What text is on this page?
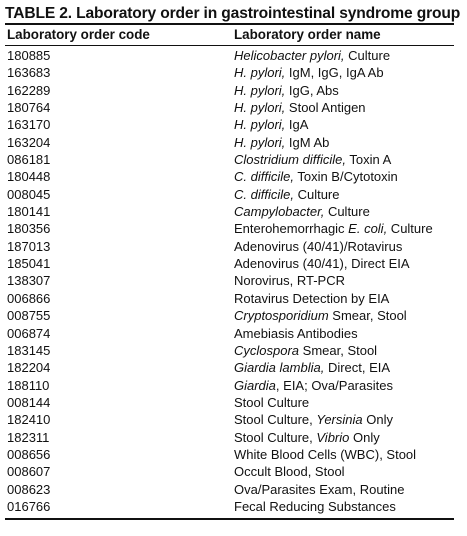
TABLE 2. Laboratory order in gastrointestinal syndrome group
Laboratory order code	Laboratory order name
180885	Helicobacter pylori, Culture
163683	H. pylori, IgM, IgG, IgA Ab
162289	H. pylori, IgG, Abs
180764	H. pylori, Stool Antigen
163170	H. pylori, IgA
163204	H. pylori, IgM Ab
086181	Clostridium difficile, Toxin A
180448	C. difficile, Toxin B/Cytotoxin
008045	C. difficile, Culture
180141	Campylobacter, Culture
180356	Enterohemorrhagic E. coli, Culture
187013	Adenovirus (40/41)/Rotavirus
185041	Adenovirus (40/41), Direct EIA
138307	Norovirus, RT-PCR
006866	Rotavirus Detection by EIA
008755	Cryptosporidium Smear, Stool
006874	Amebiasis Antibodies
183145	Cyclospora Smear, Stool
182204	Giardia lamblia, Direct, EIA
188110	Giardia, EIA; Ova/Parasites
008144	Stool Culture
182410	Stool Culture, Yersinia Only
182311	Stool Culture, Vibrio Only
008656	White Blood Cells (WBC), Stool
008607	Occult Blood, Stool
008623	Ova/Parasites Exam, Routine
016766	Fecal Reducing Substances
